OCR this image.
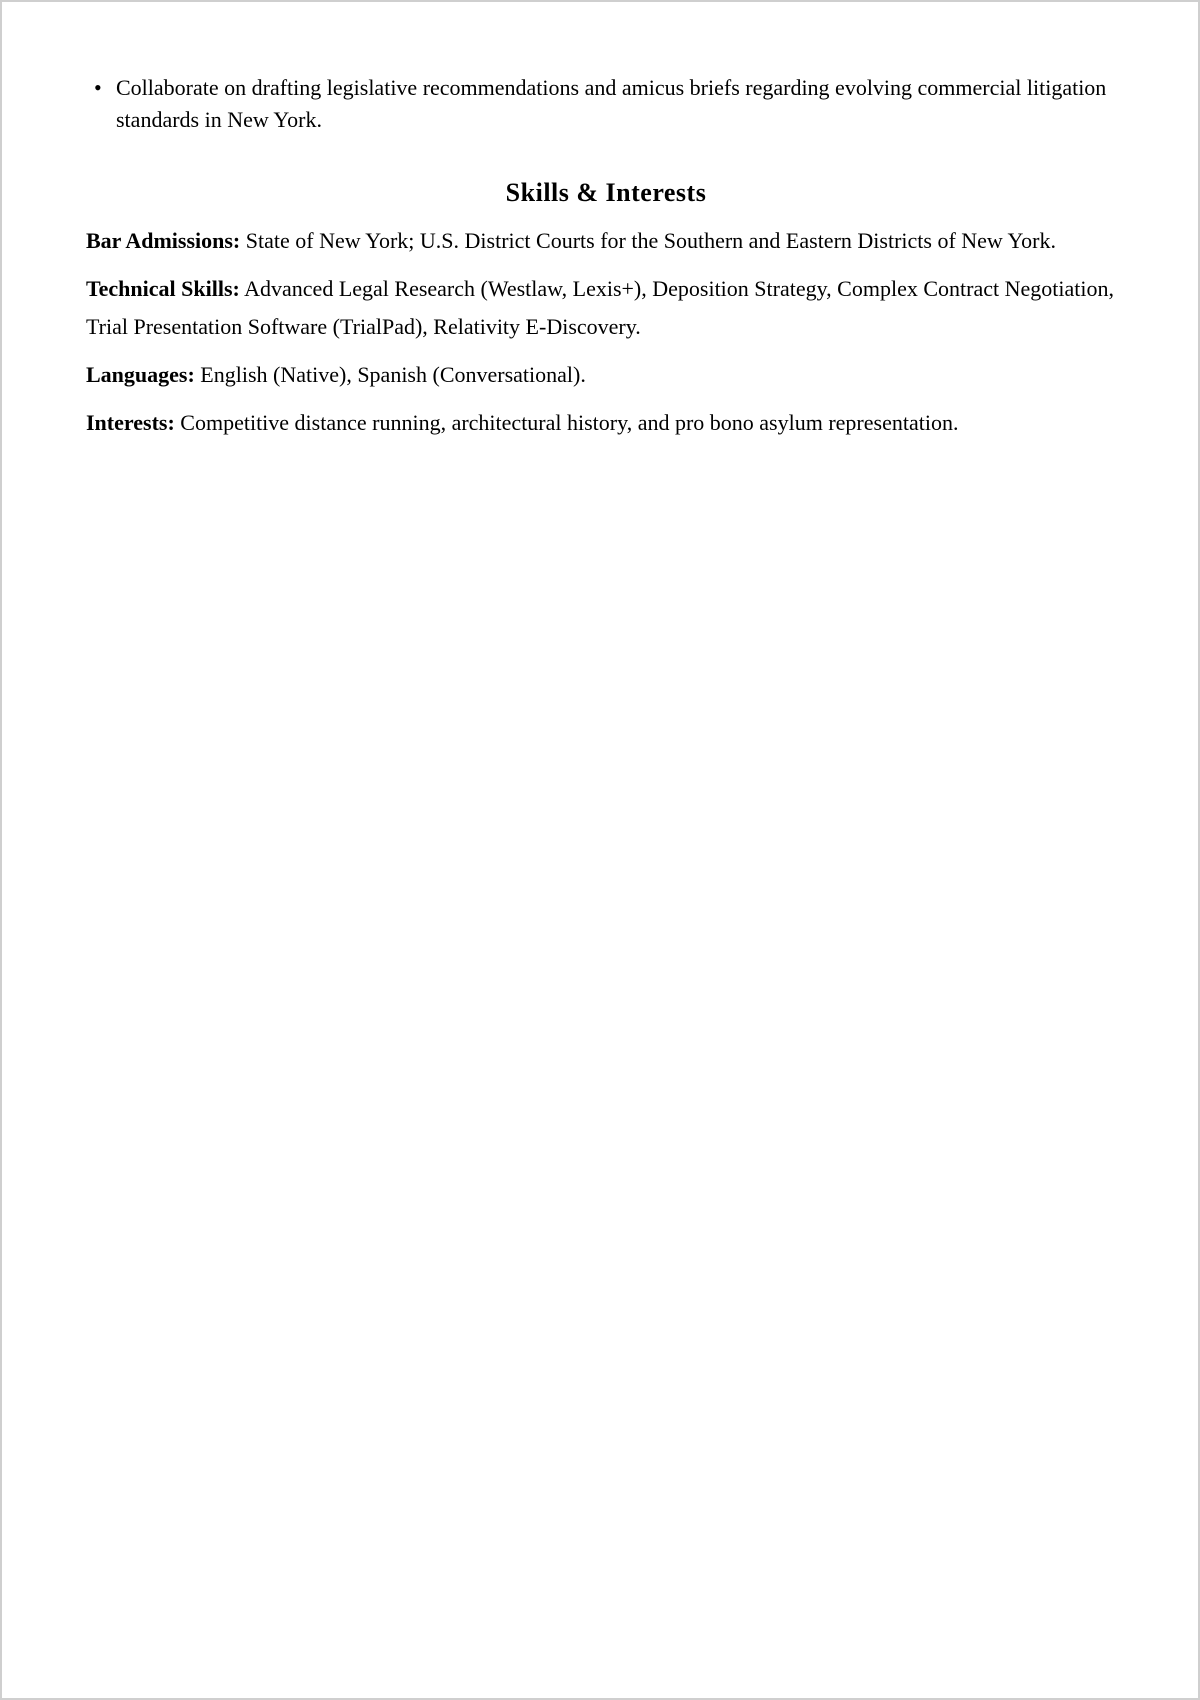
• Collaborate on drafting legislative recommendations and amicus briefs regarding evolving commercial litigation standards in New York.
Skills & Interests

Bar Admissions: State of New York; U.S. District Courts for the Southern and Eastern Districts of New York.

Technical Skills: Advanced Legal Research (Westlaw, Lexis+), Deposition Strategy, Complex Contract Negotiation, Trial Presentation Software (TrialPad), Relativity E-Discovery.

Languages: English (Native), Spanish (Conversational).

Interests: Competitive distance running, architectural history, and pro bono asylum representation.
